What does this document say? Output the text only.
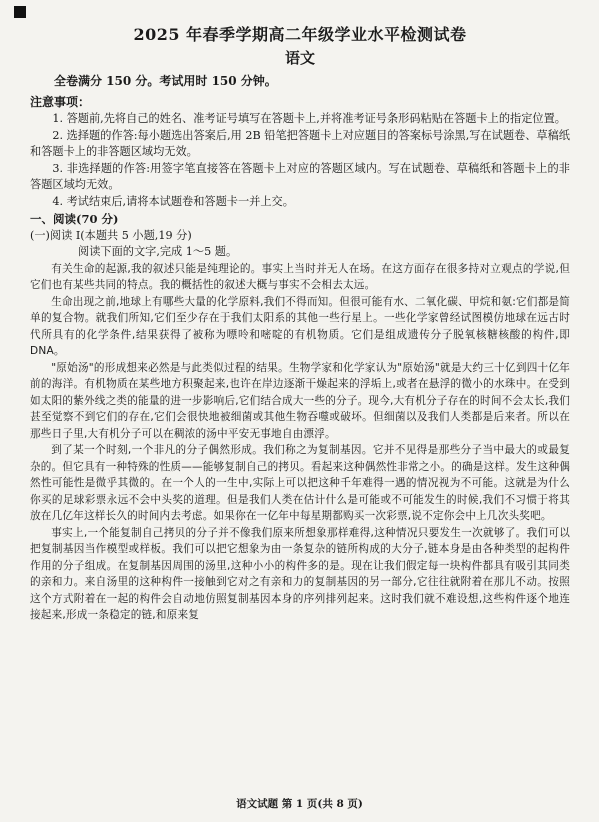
2025 年春季学期高二年级学业水平检测试卷
语文

全卷满分 150 分。考试用时 150 分钟。

注意事项：

1. 答题前,先将自己的姓名、准考证号填写在答题卡上,并将准考证号条形码粘贴在答题卡上的指定位置。

2. 选择题的作答:每小题选出答案后,用 2B 铅笔把答题卡上对应题目的答案标号涂黑,写在试题卷、草稿纸和答题卡上的非答题区域均无效。

3. 非选择题的作答:用签字笔直接答在答题卡上对应的答题区域内。写在试题卷、草稿纸和答题卡上的非答题区域均无效。

4. 考试结束后,请将本试题卷和答题卡一并上交。

一、阅读(70 分)

(一)阅读 I(本题共 5 小题,19 分)

阅读下面的文字,完成 1～5 题。

有关生命的起源,我的叙述只能是纯理论的。事实上当时并无人在场。在这方面存在很多持对立观点的学说,但它们也有某些共同的特点。我的概括性的叙述大概与事实不会相去太远。

生命出现之前,地球上有哪些大量的化学原料,我们不得而知。但很可能有水、二氧化碳、甲烷和氨:它们都是简单的复合物。就我们所知,它们至少存在于我们太阳系的其他一些行星上。一些化学家曾经试图模仿地球在远古时代所具有的化学条件,结果获得了被称为嘌呤和嘧啶的有机物质。它们是组成遗传分子脱氧核糖核酸的构件,即 DNA。

"原始汤"的形成想来必然是与此类似过程的结果。生物学家和化学家认为"原始汤"就是大约三十亿到四十亿年前的海洋。有机物质在某些地方积聚起来,也许在岸边逐渐干燥起来的浮垢上,或者在悬浮的微小的水珠中。在受到如太阳的紫外线之类的能量的进一步影响后,它们结合成大一些的分子。现今,大有机分子存在的时间不会太长,我们甚至觉察不到它们的存在,它们会很快地被细菌或其他生物吞噬或破坏。但细菌以及我们人类都是后来者。所以在那些日子里,大有机分子可以在稠浓的汤中平安无事地自由漂浮。

到了某一个时刻,一个非凡的分子偶然形成。我们称之为复制基因。它并不见得是那些分子当中最大的或最复杂的。但它具有一种特殊的性质——能够复制自己的拷贝。看起来这种偶然性非常之小。的确是这样。发生这种偶然性可能性是微乎其微的。在一个人的一生中,实际上可以把这种千年难得一遇的情况视为不可能。这就是为什么你买的足球彩票永远不会中头奖的道理。但是我们人类在估计什么是可能或不可能发生的时候,我们不习惯于将其放在几亿年这样长久的时间内去考虑。如果你在一亿年中每星期都购买一次彩票,说不定你会中上几次头奖吧。

事实上,一个能复制自己拷贝的分子并不像我们原来所想象那样难得,这种情况只要发生一次就够了。我们可以把复制基因当作模型或样板。我们可以把它想象为由一条复杂的链所构成的大分子,链本身是由各种类型的起构件作用的分子组成。在复制基因周围的汤里,这种小小的构件多的是。现在让我们假定每一块构件都具有吸引其同类的亲和力。来自汤里的这种构件一接触到它对之有亲和力的复制基因的另一部分,它往往就附着在那儿不动。按照这个方式附着在一起的构件会自动地仿照复制基因本身的序列排列起来。这时我们就不难设想,这些构件逐个地连接起来,形成一条稳定的链,和原来复

语文试题 第 1 页(共 8 页)
